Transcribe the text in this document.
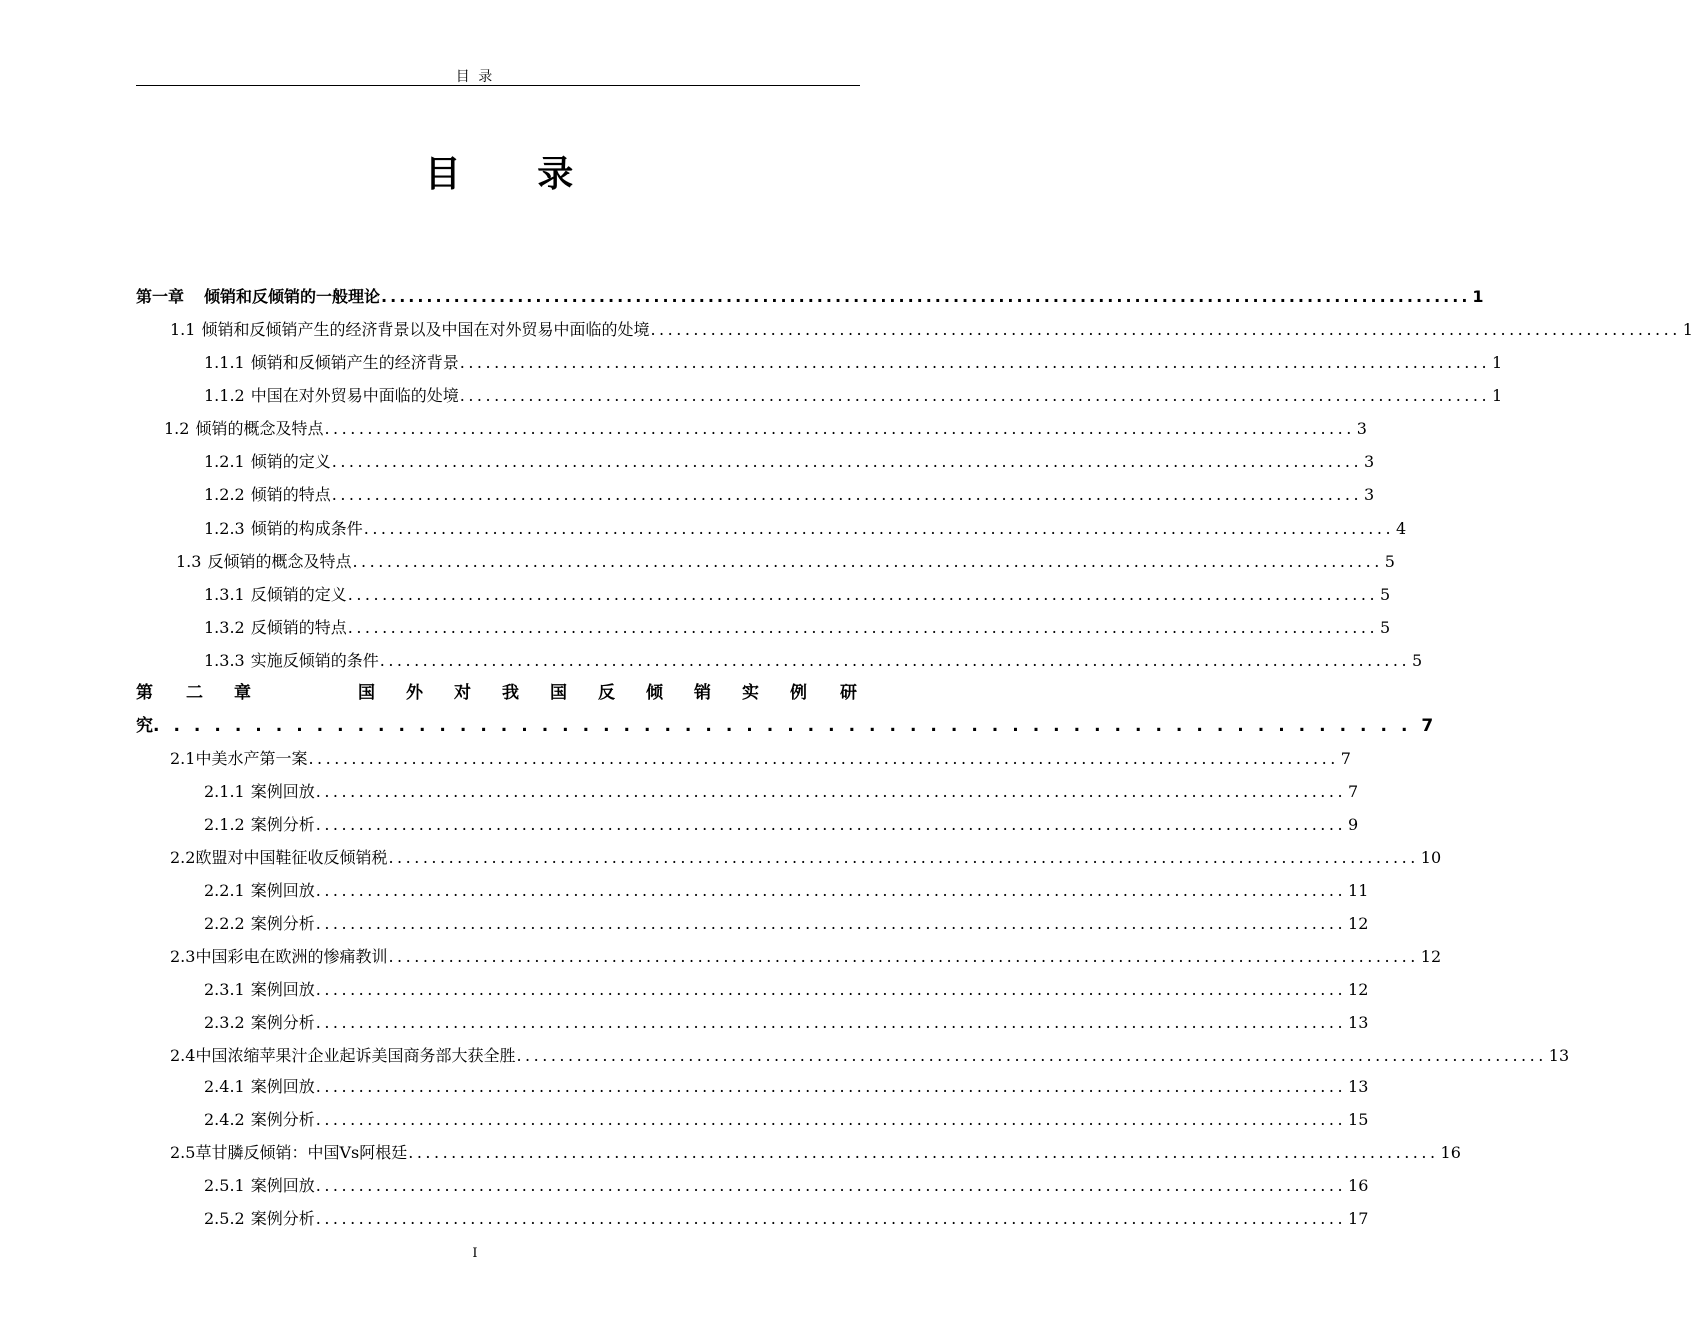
目 录
目 录
第一章 倾销和反倾销的一般理论 ........................................................................................................................ 1
1.1 倾销和反倾销产生的经济背景以及中国在对外贸易中面临的处境 ........................................................................................................................ 1
1.1.1 倾销和反倾销产生的经济背景 ........................................................................................................................ 1
1.1.2 中国在对外贸易中面临的处境 ........................................................................................................................ 1
1.2 倾销的概念及特点 ........................................................................................................................ 3
1.2.1 倾销的定义 ........................................................................................................................ 3
1.2.2 倾销的特点 ........................................................................................................................ 3
1.2.3 倾销的构成条件 ........................................................................................................................ 4
1.3 反倾销的概念及特点 ........................................................................................................................ 5
1.3.1 反倾销的定义 ........................................................................................................................ 5
1.3.2 反倾销的特点 ........................................................................................................................ 5
1.3.3 实施反倾销的条件 ........................................................................................................................ 5
第 二 章	国 外 对 我 国 反 倾 销 实 例 研
究 .............................................................. 7
2.1 中美水产第一案 ........................................................................................................................ 7
2.1.1 案例回放 ........................................................................................................................ 7
2.1.2 案例分析 ........................................................................................................................ 9
2.2 欧盟对中国鞋征收反倾销税 ........................................................................................................................ 10
2.2.1 案例回放 ........................................................................................................................ 11
2.2.2 案例分析 ........................................................................................................................ 12
2.3 中国彩电在欧洲的惨痛教训 ........................................................................................................................ 12
2.3.1 案例回放 ........................................................................................................................ 12
2.3.2 案例分析 ........................................................................................................................ 13
2.4 中国浓缩苹果汁企业起诉美国商务部大获全胜 ........................................................................................................................ 13
2.4.1 案例回放 ........................................................................................................................ 13
2.4.2 案例分析 ........................................................................................................................ 15
2.5 草甘膦反倾销：中国Vs阿根廷 ........................................................................................................................ 16
2.5.1 案例回放 ........................................................................................................................ 16
2.5.2 案例分析 ........................................................................................................................ 17
I
